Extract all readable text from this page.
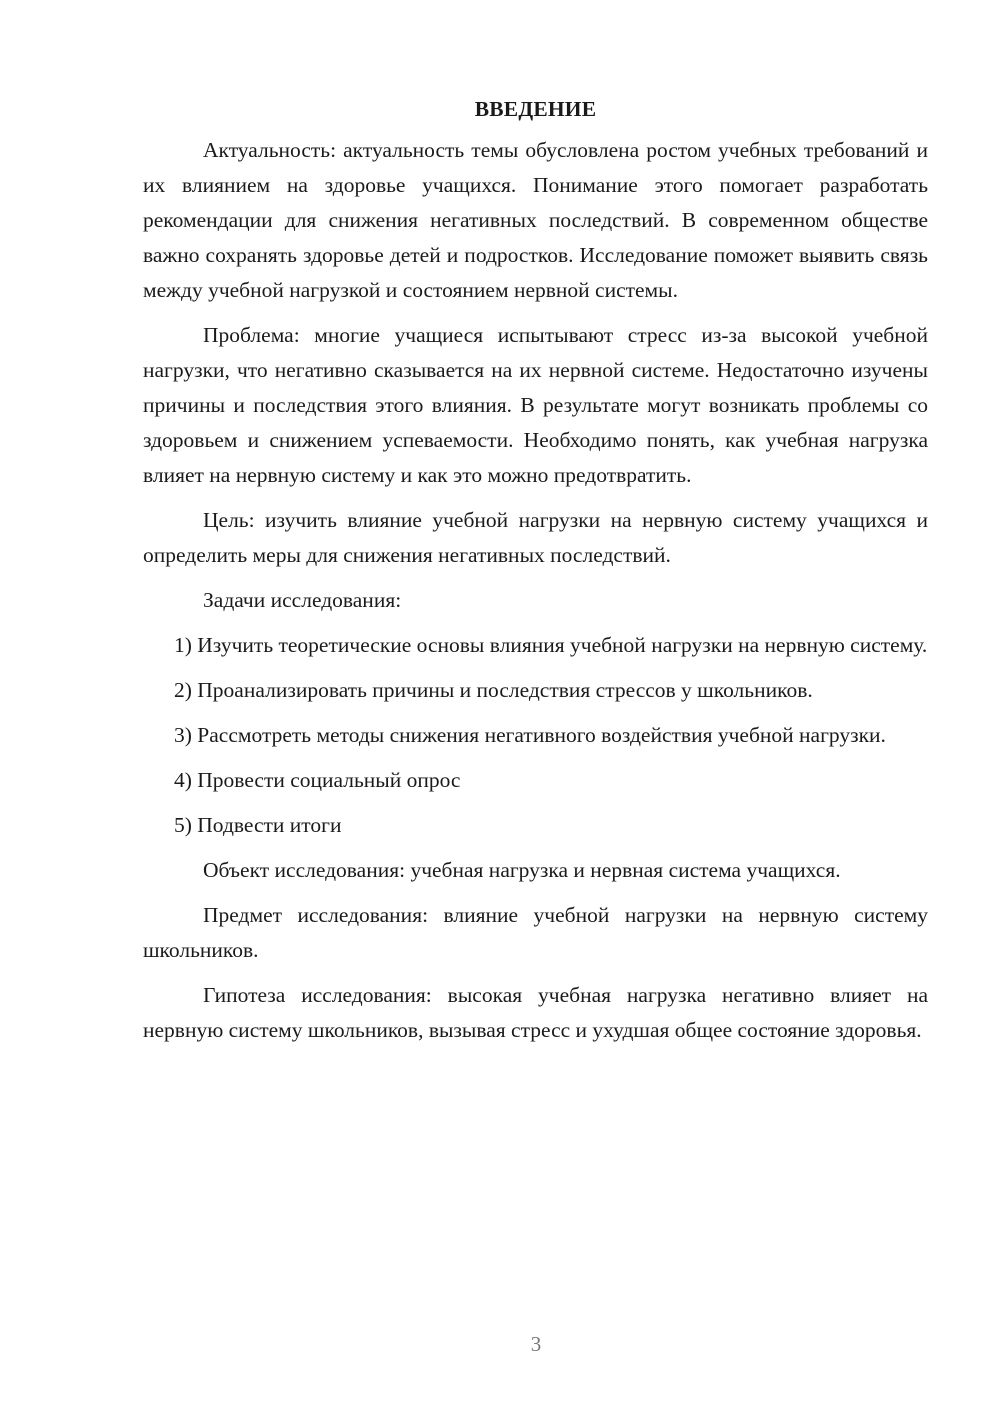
ВВЕДЕНИЕ

Актуальность: актуальность темы обусловлена ростом учебных требований и их влиянием на здоровье учащихся. Понимание этого помогает разработать рекомендации для снижения негативных последствий. В современном обществе важно сохранять здоровье детей и подростков. Исследование поможет выявить связь между учебной нагрузкой и состоянием нервной системы.

Проблема: многие учащиеся испытывают стресс из-за высокой учебной нагрузки, что негативно сказывается на их нервной системе. Недостаточно изучены причины и последствия этого влияния. В результате могут возникать проблемы со здоровьем и снижением успеваемости. Необходимо понять, как учебная нагрузка влияет на нервную систему и как это можно предотвратить.

Цель: изучить влияние учебной нагрузки на нервную систему учащихся и определить меры для снижения негативных последствий.

Задачи исследования:

1) Изучить теоретические основы влияния учебной нагрузки на нервную систему.

2) Проанализировать причины и последствия стрессов у школьников.

3) Рассмотреть методы снижения негативного воздействия учебной нагрузки.

4) Провести социальный опрос

5) Подвести итоги

Объект исследования: учебная нагрузка и нервная система учащихся.

Предмет исследования: влияние учебной нагрузки на нервную систему школьников.

Гипотеза исследования: высокая учебная нагрузка негативно влияет на нервную систему школьников, вызывая стресс и ухудшая общее состояние здоровья.

3
